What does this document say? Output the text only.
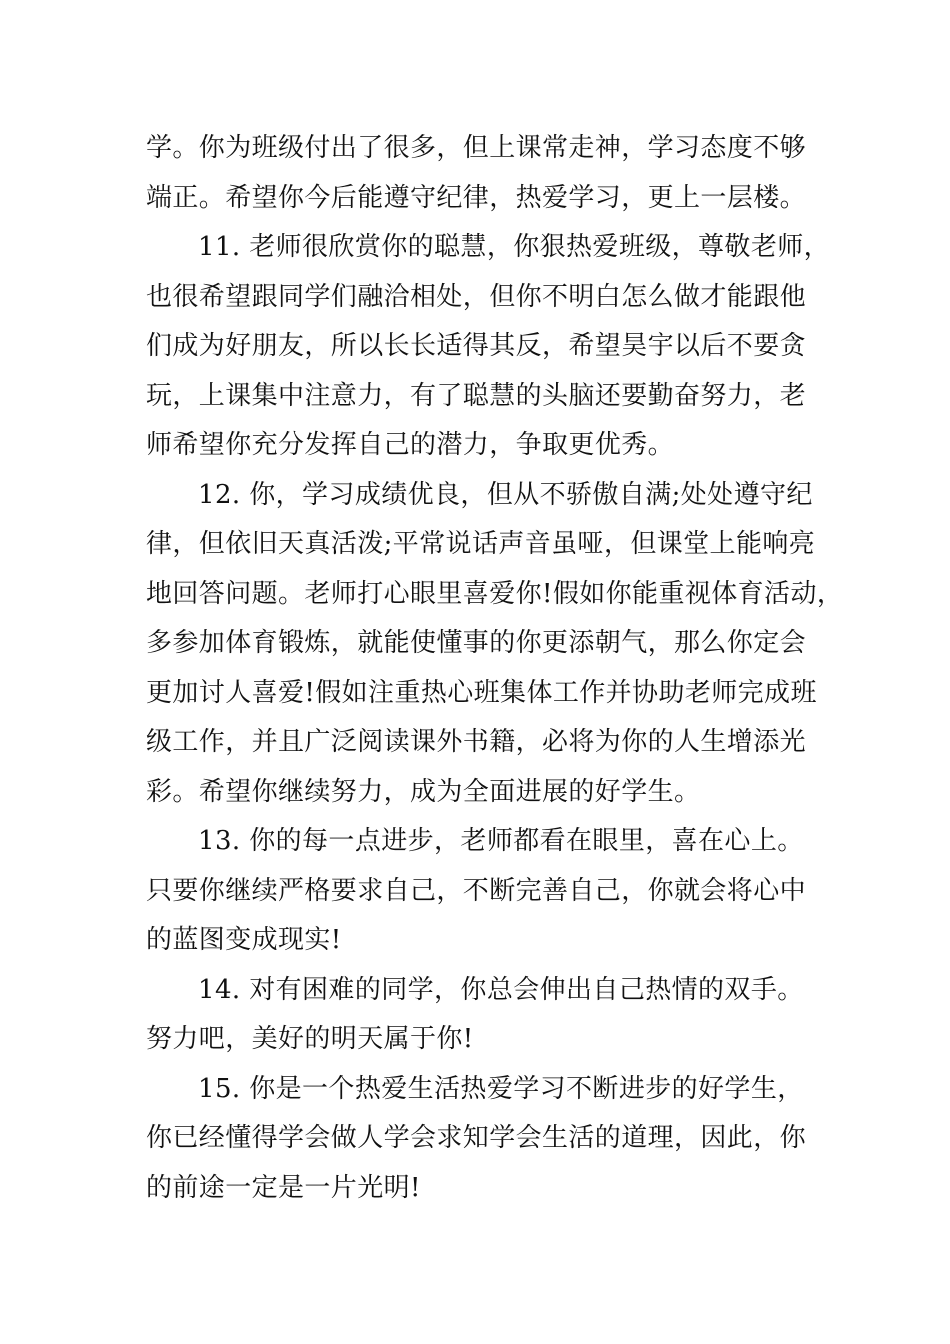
学。你为班级付出了很多，但上课常走神，学习态度不够
端正。希望你今后能遵守纪律，热爱学习，更上一层楼。
11. 老师很欣赏你的聪慧，你狠热爱班级，尊敬老师，
也很希望跟同学们融洽相处，但你不明白怎么做才能跟他
们成为好朋友，所以长长适得其反，希望昊宇以后不要贪
玩，上课集中注意力，有了聪慧的头脑还要勤奋努力，老
师希望你充分发挥自己的潜力，争取更优秀。
12. 你，学习成绩优良，但从不骄傲自满;处处遵守纪
律，但依旧天真活泼;平常说话声音虽哑，但课堂上能响亮
地回答问题。老师打心眼里喜爱你!假如你能重视体育活动，
多参加体育锻炼，就能使懂事的你更添朝气，那么你定会
更加讨人喜爱!假如注重热心班集体工作并协助老师完成班
级工作，并且广泛阅读课外书籍，必将为你的人生增添光
彩。希望你继续努力，成为全面进展的好学生。
13. 你的每一点进步，老师都看在眼里，喜在心上。
只要你继续严格要求自己，不断完善自己，你就会将心中
的蓝图变成现实!
14. 对有困难的同学，你总会伸出自己热情的双手。
努力吧，美好的明天属于你!
15. 你是一个热爱生活热爱学习不断进步的好学生，
你已经懂得学会做人学会求知学会生活的道理，因此，你
的前途一定是一片光明!
